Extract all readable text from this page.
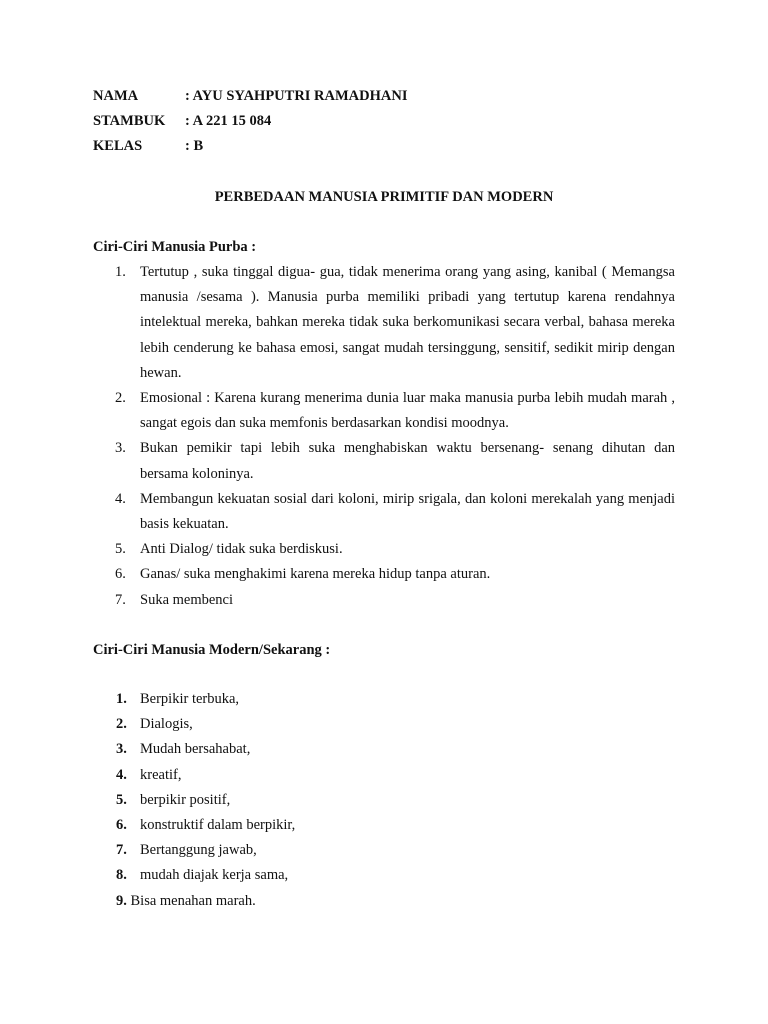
NAMA	: AYU SYAHPUTRI RAMADHANI
STAMBUK : A 221 15 084
KELAS	: B
PERBEDAAN MANUSIA PRIMITIF DAN MODERN
Ciri-Ciri Manusia Purba :
1. Tertutup , suka tinggal digua- gua, tidak menerima orang yang asing, kanibal ( Memangsa manusia /sesama ). Manusia purba memiliki pribadi yang tertutup karena rendahnya intelektual mereka, bahkan mereka tidak suka berkomunikasi secara verbal, bahasa mereka lebih cenderung ke bahasa emosi, sangat mudah tersinggung, sensitif, sedikit mirip dengan hewan.
2. Emosional : Karena kurang menerima dunia luar maka manusia purba lebih mudah marah , sangat egois dan suka memfonis berdasarkan kondisi moodnya.
3. Bukan pemikir tapi lebih suka menghabiskan waktu bersenang- senang dihutan dan bersama koloninya.
4. Membangun kekuatan sosial dari koloni, mirip srigala, dan koloni merekalah yang menjadi basis kekuatan.
5. Anti Dialog/ tidak suka berdiskusi.
6. Ganas/ suka menghakimi karena mereka hidup tanpa aturan.
7. Suka membenci
Ciri-Ciri Manusia Modern/Sekarang :
1. Berpikir terbuka,
2. Dialogis,
3. Mudah bersahabat,
4. kreatif,
5. berpikir positif,
6. konstruktif dalam berpikir,
7. Bertanggung jawab,
8. mudah diajak kerja sama,
9. Bisa menahan marah.
